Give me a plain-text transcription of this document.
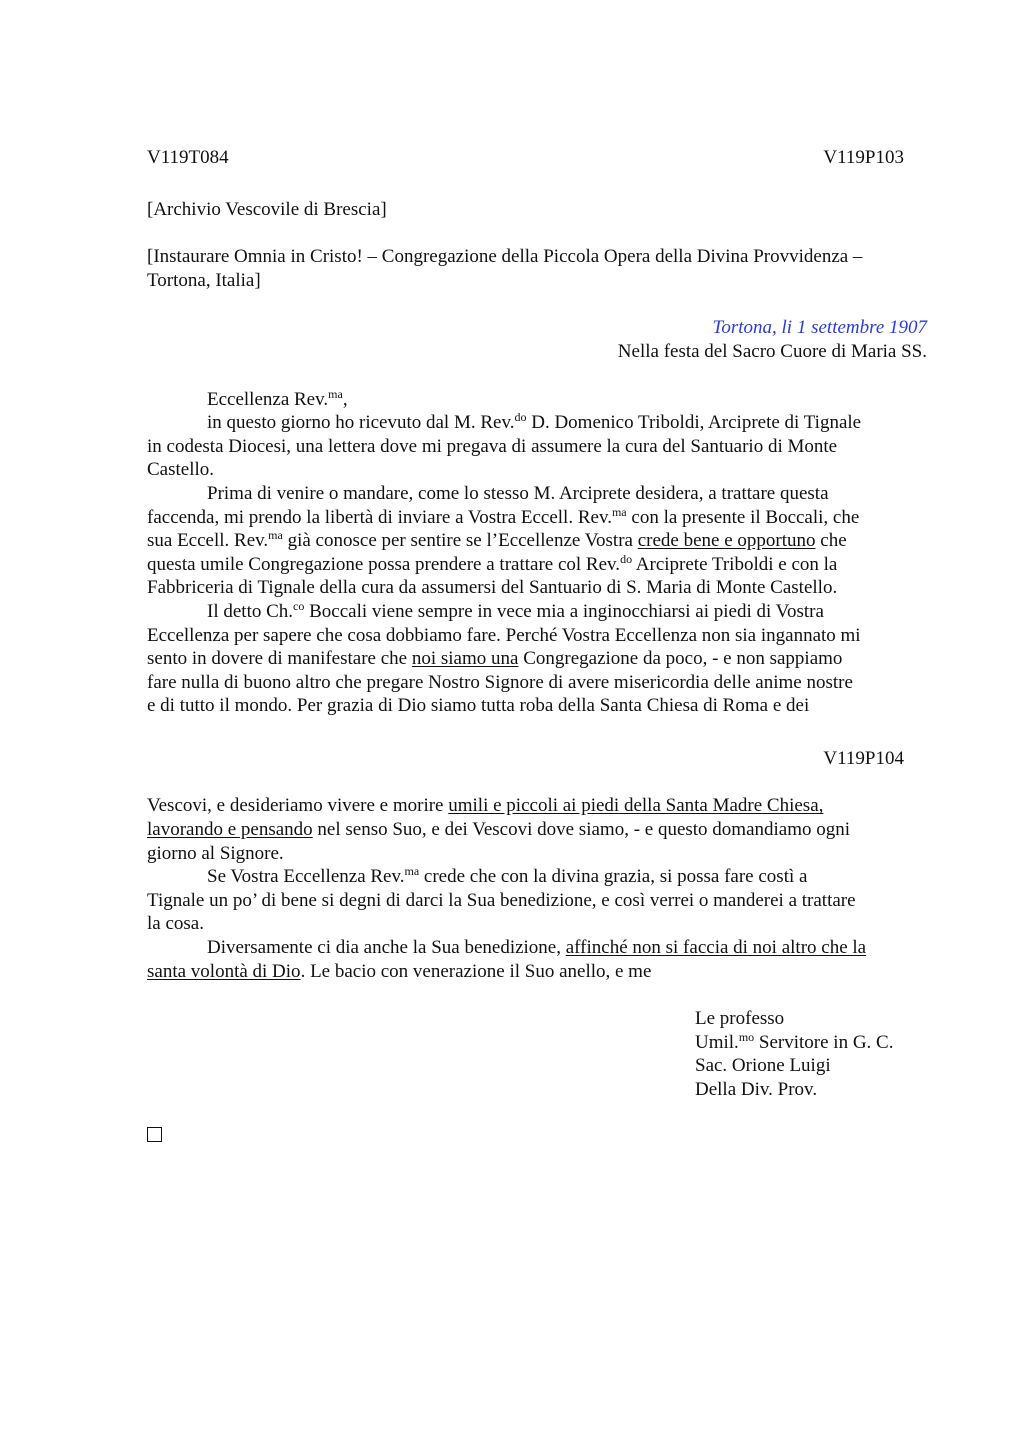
V119T084	V119P103
[Archivio Vescovile di Brescia]
[Instaurare Omnia in Cristo! – Congregazione della Piccola Opera della Divina Provvidenza –
Tortona, Italia]
Tortona, li 1 settembre 1907
Nella festa del Sacro Cuore di Maria SS.
Eccellenza Rev.$^{ma}$,
in questo giorno ho ricevuto dal M. Rev.$^{do}$ D. Domenico Triboldi, Arciprete di Tignale
in codesta Diocesi, una lettera dove mi pregava di assumere la cura del Santuario di Monte
Castello.
Prima di venire o mandare, come lo stesso M. Arciprete desidera, a trattare questa
faccenda, mi prendo la libertà di inviare a Vostra Eccell. Rev.$^{ma}$ con la presente il Boccali, che
sua Eccell. Rev.$^{ma}$ già conosce per sentire se l’Eccellenze Vostra crede bene e opportuno che
questa umile Congregazione possa prendere a trattare col Rev.$^{do}$ Arciprete Triboldi e con la
Fabbriceria di Tignale della cura da assumersi del Santuario di S. Maria di Monte Castello.
Il detto Ch.$^{co}$ Boccali viene sempre in vece mia a inginocchiarsi ai piedi di Vostra
Eccellenza per sapere che cosa dobbiamo fare. Perché Vostra Eccellenza non sia ingannato mi
sento in dovere di manifestare che noi siamo una Congregazione da poco, - e non sappiamo
fare nulla di buono altro che pregare Nostro Signore di avere misericordia delle anime nostre
e di tutto il mondo. Per grazia di Dio siamo tutta roba della Santa Chiesa di Roma e dei
V119P104
Vescovi, e desideriamo vivere e morire umili e piccoli ai piedi della Santa Madre Chiesa,
lavorando e pensando nel senso Suo, e dei Vescovi dove siamo, - e questo domandiamo ogni
giorno al Signore.
Se Vostra Eccellenza Rev.$^{ma}$ crede che con la divina grazia, si possa fare costì a
Tignale un po’ di bene si degni di darci la Sua benedizione, e così verrei o manderei a trattare
la cosa.
Diversamente ci dia anche la Sua benedizione, affinché non si faccia di noi altro che la
santa volontà di Dio. Le bacio con venerazione il Suo anello, e me
Le professo
Umil.$^{mo}$ Servitore in G. C.
Sac. Orione Luigi
Della Div. Prov.
